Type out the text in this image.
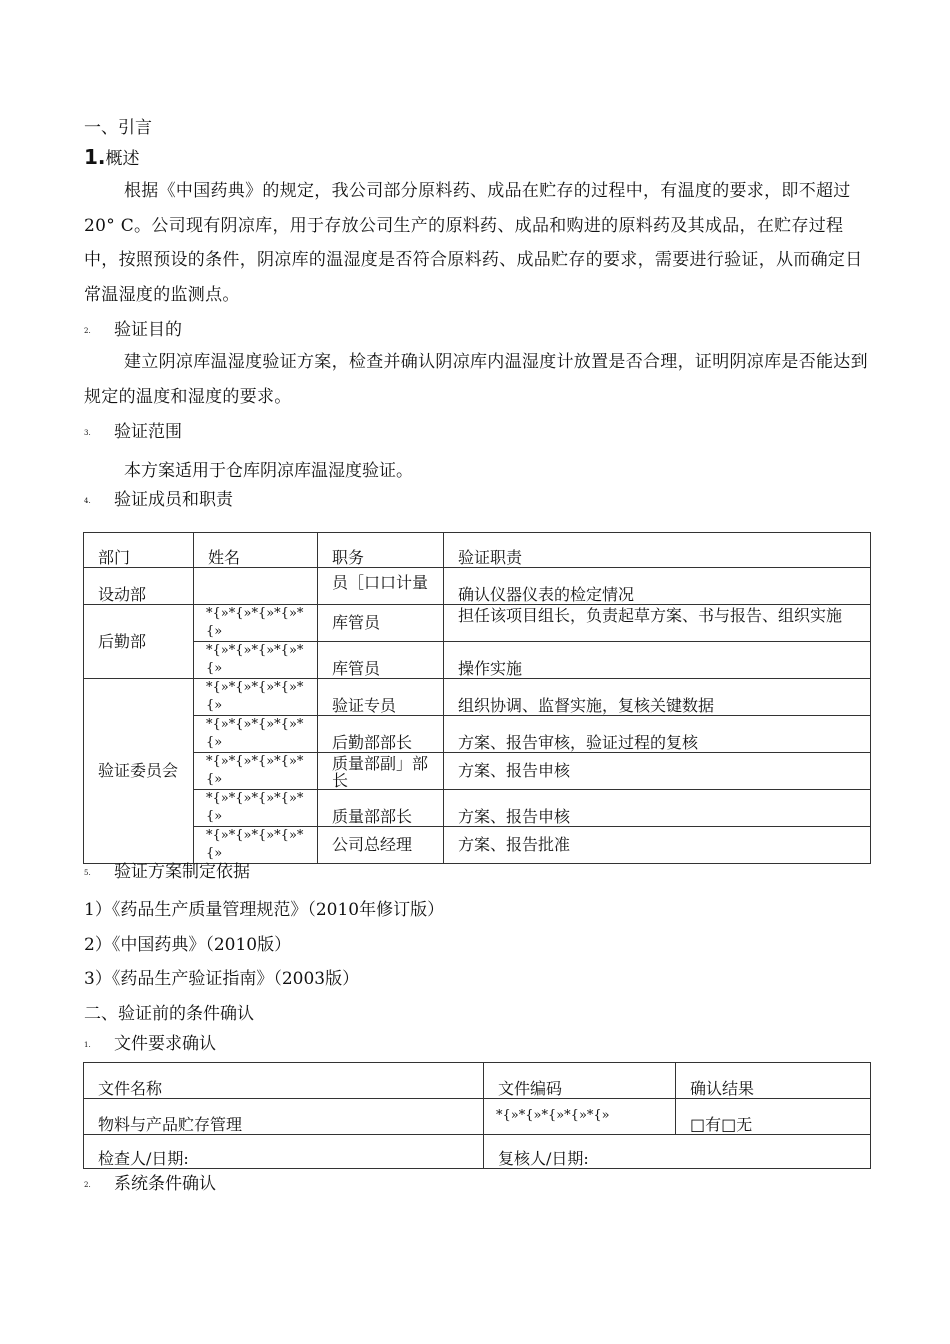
一、引言
1.概述
根据《中国药典》的规定，我公司部分原料药、成品在贮存的过程中，有温度的要求，即不超过20° C。公司现有阴凉库，用于存放公司生产的原料药、成品和购进的原料药及其成品，在贮存过程中，按照预设的条件，阴凉库的温湿度是否符合原料药、成品贮存的要求，需要进行验证，从而确定日常温湿度的监测点。
2. 验证目的
建立阴凉库温湿度验证方案，检查并确认阴凉库内温湿度计放置是否合理，证明阴凉库是否能达到规定的温度和湿度的要求。
3. 验证范围
本方案适用于仓库阴凉库温湿度验证。
4. 验证成员和职责
部门	姓名	职务	验证职责
设动部		员［口口计量	确认仪器仪表的检定情况
后勤部	*{»*{»*{»*{»*{»	库管员	担任该项目组长，负责起草方案、书与报告、组织实施
	*{»*{»*{»*{»*{»	库管员	操作实施
验证委员会	*{»*{»*{»*{»*{»	验证专员	组织协调、监督实施，复核关键数据
	*{»*{»*{»*{»*{»	后勤部部长	方案、报告审核，验证过程的复核
	*{»*{»*{»*{»*{»	质量部副」部长	方案、报告申核
	*{»*{»*{»*{»*{»	质量部部长	方案、报告申核
	*{»*{»*{»*{»*{»	公司总经理	方案、报告批准
5. 验证方案制定依据
1）《药品生产质量管理规范》（2010年修订版）
2）《中国药典》（2010版）
3）《药品生产验证指南》（2003版）
二、验证前的条件确认
1. 文件要求确认
文件名称	文件编码	确认结果
物料与产品贮存管理	*{»*{»*{»*{»*{»	□有□无
检查人/日期:	复核人/日期:	
2. 系统条件确认
